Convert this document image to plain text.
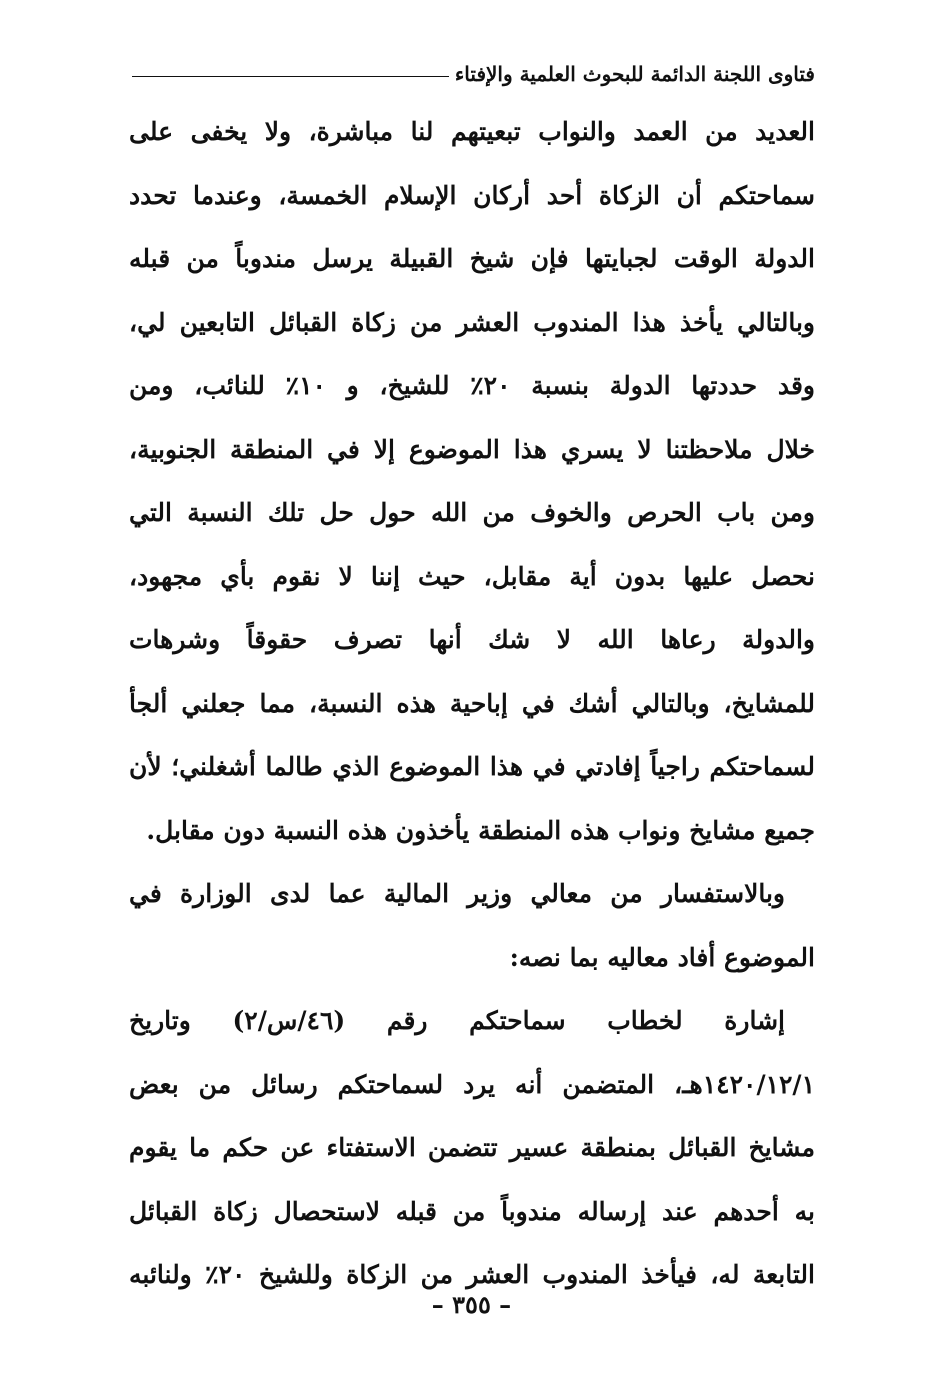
فتاوى اللجنة الدائمة للبحوث العلمية والإفتاء
العديد من العمد والنواب تبعيتهم لنا مباشرة، ولا يخفى على
سماحتكم أن الزكاة أحد أركان الإسلام الخمسة، وعندما تحدد
الدولة الوقت لجبايتها فإن شيخ القبيلة يرسل مندوباً من قبله
وبالتالي يأخذ هذا المندوب العشر من زكاة القبائل التابعين لي،
وقد حددتها الدولة بنسبة ٢٠٪ للشيخ، و ١٠٪ للنائب، ومن
خلال ملاحظتنا لا يسري هذا الموضوع إلا في المنطقة الجنوبية،
ومن باب الحرص والخوف من الله حول حل تلك النسبة التي
نحصل عليها بدون أية مقابل، حيث إننا لا نقوم بأي مجهود،
والدولة رعاها الله لا شك أنها تصرف حقوقاً وشرهات
للمشايخ، وبالتالي أشك في إباحية هذه النسبة، مما جعلني ألجأ
لسماحتكم راجياً إفادتي في هذا الموضوع الذي طالما أشغلني؛ لأن
جميع مشايخ ونواب هذه المنطقة يأخذون هذه النسبة دون مقابل.
وبالاستفسار من معالي وزير المالية عما لدى الوزارة في
الموضوع أفاد معاليه بما نصه:
إشارة لخطاب سماحتكم رقم (٤٦/س/٢) وتاريخ
١٤٢٠/١٢/١هـ، المتضمن أنه يرد لسماحتكم رسائل من بعض
مشايخ القبائل بمنطقة عسير تتضمن الاستفتاء عن حكم ما يقوم
به أحدهم عند إرساله مندوباً من قبله لاستحصال زكاة القبائل
التابعة له، فيأخذ المندوب العشر من الزكاة وللشيخ ٢٠٪ ولنائبه
– ٣٥٥ –
